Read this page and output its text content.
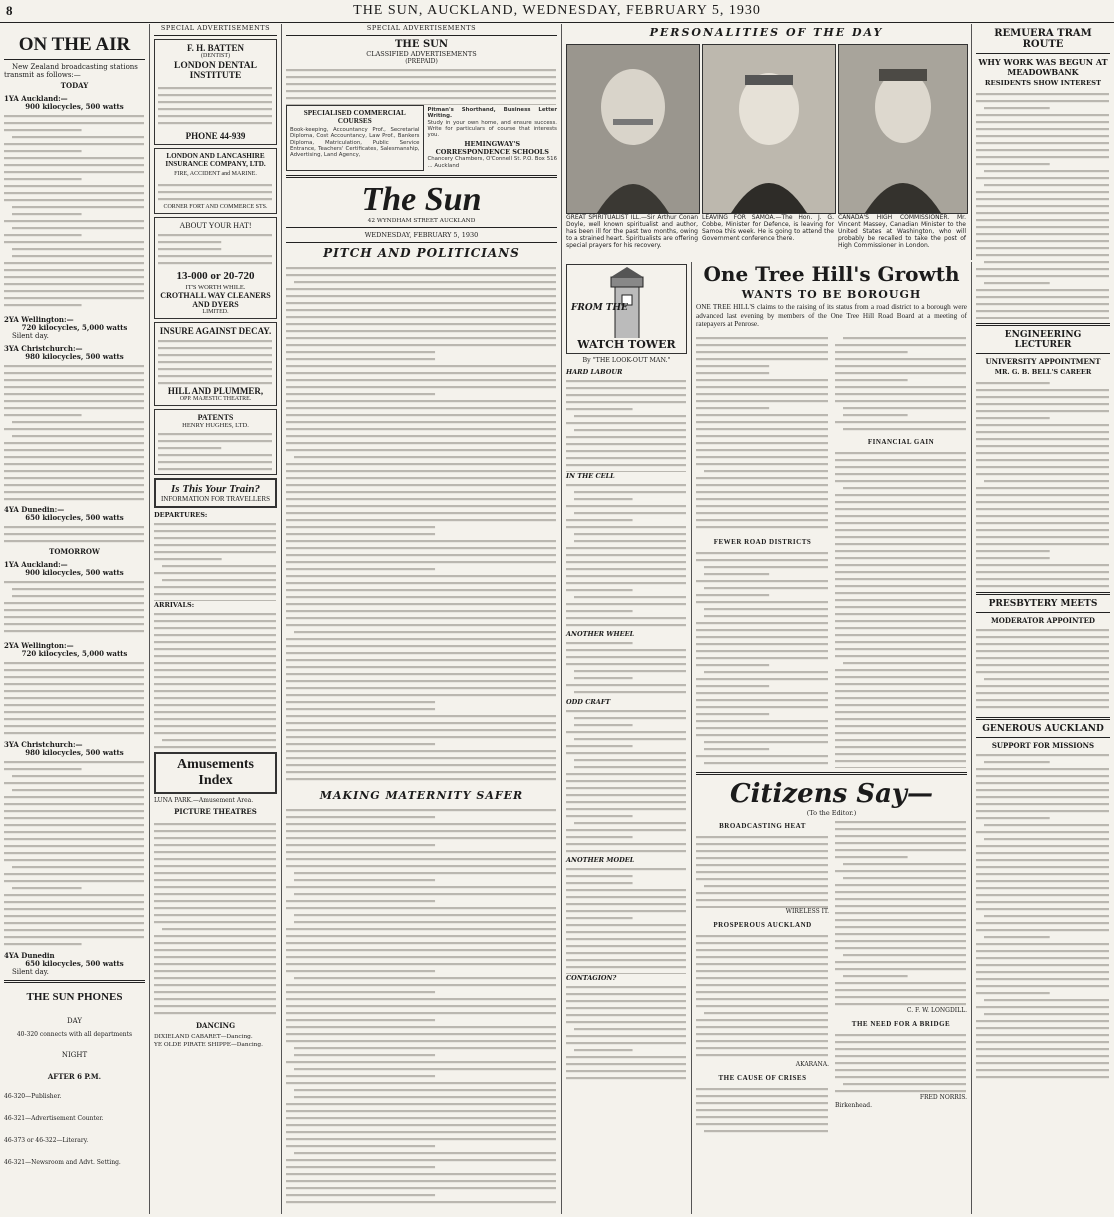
8	THE SUN, AUCKLAND, WEDNESDAY, FEBRUARY 5, 1930
ON THE AIR
New Zealand broadcasting stations transmit as follows:—
TODAY
1YA Auckland:—
900 kilocycles, 500 watts
2YA Wellington:—
720 kilocycles, 5,000 watts
Silent day.
3YA Christchurch:—
980 kilocycles, 500 watts
4YA Dunedin:—
650 kilocycles, 500 watts
TOMORROW
1YA Auckland:—
900 kilocycles, 500 watts
2YA Wellington:—
720 kilocycles, 5,000 watts
3YA Christchurch:—
980 kilocycles, 500 watts
4YA Dunedin
650 kilocycles, 500 watts
Silent day.
THE SUN PHONES
DAY
40-320 connects with all departments
NIGHT
AFTER 6 P.M.
46-320—Publisher.
46-321—Advertisement Counter.
46-373 or 46-322—Literary.
46-321—Newsroom and Advt. Setting.
SPECIAL ADVERTISEMENTS
F. H. BATTEN
(DENTIST)
LONDON DENTAL INSTITUTE
PHONE 44-939
LONDON AND LANCASHIRE INSURANCE COMPANY, LTD.
FIRE, ACCIDENT and MARINE.
CORNER FORT AND COMMERCE STS.
ABOUT YOUR HAT!
13-000 or 20-720
IT'S WORTH WHILE.
CROTHALL WAY CLEANERS AND DYERS
LIMITED.
INSURE AGAINST DECAY.
HILL AND PLUMMER,
OPP. MAJESTIC THEATRE.
PATENTS
HENRY HUGHES, LTD.
Is This Your Train?
INFORMATION FOR TRAVELLERS
DEPARTURES:
ARRIVALS:
Amusements Index
LUNA PARK.—Amusement Area.
PICTURE THEATRES
DANCING
DIXIELAND CABARET—Dancing.
YE OLDE PIRATE SHIPPE—Dancing.
SPECIAL ADVERTISEMENTS
THE SUN
CLASSIFIED ADVERTISEMENTS
(PREPAID)
SPECIALISED COMMERCIAL COURSES
Book-keeping, Accountancy Prof., Secretarial Diploma, Cost Accountancy, Law Prof., Bankers Diploma, Matriculation, Public Service Entrance, Teachers' Certificates, Salesmanship, Advertising, Land Agency,
Pitman's Shorthand, Business Letter Writing.
Study in your own home, and ensure success. Write for particulars of course that interests you.
HEMINGWAY'S CORRESPONDENCE SCHOOLS
Chancery Chambers, O'Connell St. P.O. Box 516 ... Auckland
The Sun
42 WYNDHAM STREET AUCKLAND
WEDNESDAY, FEBRUARY 5, 1930
PITCH AND POLITICIANS
MAKING MATERNITY SAFER
FROM THE
WATCH TOWER
By "THE LOOK-OUT MAN."
HARD LABOUR
IN THE CELL
ANOTHER WHEEL
ODD CRAFT
ANOTHER MODEL
CONTAGION?
PERSONALITIES OF THE DAY
GREAT SPIRITUALIST ILL.—Sir Arthur Conan Doyle, well known spiritualist and author, has been ill for the past two months, owing to a strained heart. Spiritualists are offering special prayers for his recovery.
LEAVING FOR SAMOA.—The Hon. J. G. Cobbe, Minister for Defence, is leaving for Samoa this week. He is going to attend the Government conference there.
CANADA'S HIGH COMMISSIONER. Mr. Vincent Massey, Canadian Minister to the United States at Washington, who will probably be recalled to take the post of High Commissioner in London.
One Tree Hill's Growth
WANTS TO BE BOROUGH
ONE TREE HILL'S claims to the raising of its status from a road district to a borough were advanced last evening by members of the One Tree Hill Road Board at a meeting of ratepayers at Penrose.
FEWER ROAD DISTRICTS
FINANCIAL GAIN
Citizens Say—
(To the Editor.)
BROADCASTING HEAT
WIRELESS IT.
PROSPEROUS AUCKLAND
AKARANA.
THE CAUSE OF CRISES
C. F. W. LONGDILL.
THE NEED FOR A BRIDGE
FRED NORRIS.
Birkenhead.
REMUERA TRAM ROUTE
WHY WORK WAS BEGUN AT MEADOWBANK
RESIDENTS SHOW INTEREST
ENGINEERING LECTURER
UNIVERSITY APPOINTMENT
MR. G. B. BELL'S CAREER
PRESBYTERY MEETS
MODERATOR APPOINTED
GENEROUS AUCKLAND
SUPPORT FOR MISSIONS
